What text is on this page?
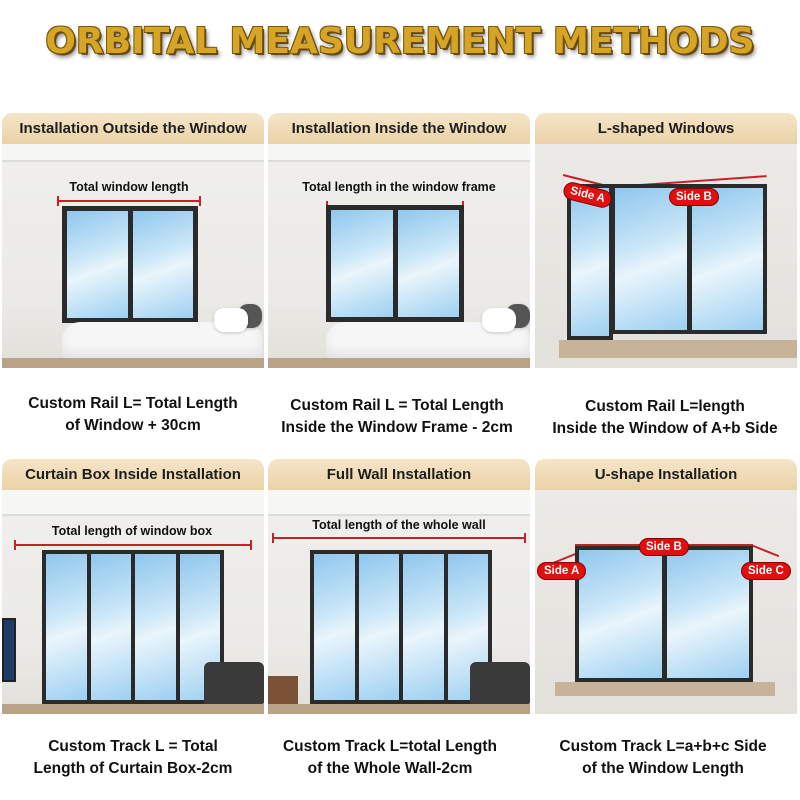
ORBITAL MEASUREMENT METHODS
Installation Outside the Window
Total window length
Installation Inside the Window
Total length in the window frame
L-shaped Windows
Side A	Side B
Custom Rail L= Total Length
of Window + 30cm
Custom Rail L = Total Length
Inside the Window Frame - 2cm
Custom Rail L=length
Inside the Window of A+b Side
Curtain Box Inside Installation
Total length of window box
Full Wall Installation
Total length of the whole wall
U-shape Installation
Side A
Side B
Side C
Custom Track L = Total
Length of Curtain Box-2cm
Custom Track L=total Length
of the Whole Wall-2cm
Custom Track L=a+b+c Side
of the Window Length
